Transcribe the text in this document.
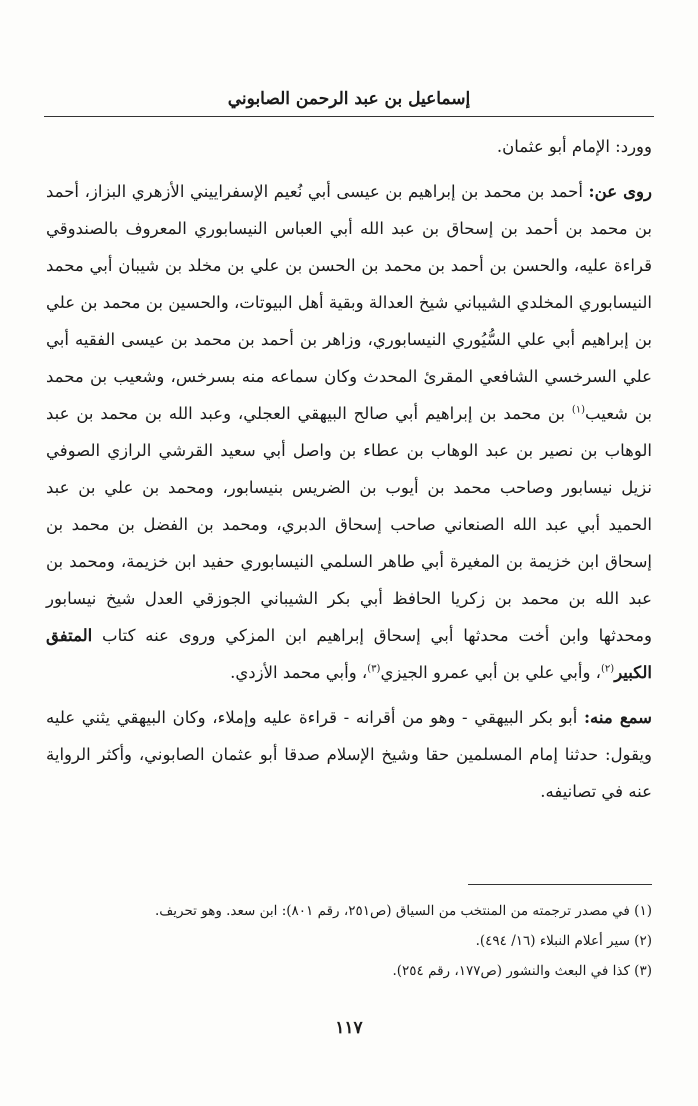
إسماعيل بن عبد الرحمن الصابوني

وورد: الإمام أبو عثمان.

روى عن: أحمد بن محمد بن إبراهيم بن عيسى أبي نُعيم الإسفراييني الأزهري البزاز، أحمد بن محمد بن أحمد بن إسحاق بن عبد الله أبي العباس النيسابوري المعروف بالصندوقي قراءة عليه، والحسن بن أحمد بن محمد بن الحسن بن علي بن مخلد بن شيبان أبي محمد النيسابوري المخلدي الشيباني شيخ العدالة وبقية أهل البيوتات، والحسين بن محمد بن علي بن إبراهيم أبي علي السُّيُوري النيسابوري، وزاهر بن أحمد بن محمد بن عيسى الفقيه أبي علي السرخسي الشافعي المقرئ المحدث وكان سماعه منه بسرخس، وشعيب بن محمد بن شعيب$^{(١)}$ بن محمد بن إبراهيم أبي صالح البيهقي العجلي، وعبد الله بن محمد بن عبد الوهاب بن نصير بن عبد الوهاب بن عطاء بن واصل أبي سعيد القرشي الرازي الصوفي نزيل نيسابور وصاحب محمد بن أيوب بن الضريس بنيسابور، ومحمد بن علي بن عبد الحميد أبي عبد الله الصنعاني صاحب إسحاق الدبري، ومحمد بن الفضل بن محمد بن إسحاق ابن خزيمة بن المغيرة أبي طاهر السلمي النيسابوري حفيد ابن خزيمة، ومحمد بن عبد الله بن محمد بن زكريا الحافظ أبي بكر الشيباني الجوزقي العدل شيخ نيسابور ومحدثها وابن أخت محدثها أبي إسحاق إبراهيم ابن المزكي وروى عنه كتاب المتفق الكبير$^{(٢)}$، وأبي علي بن أبي عمرو الجيزي$^{(٣)}$، وأبي محمد الأزدي.

سمع منه: أبو بكر البيهقي - وهو من أقرانه - قراءة عليه وإملاء، وكان البيهقي يثني عليه ويقول: حدثنا إمام المسلمين حقا وشيخ الإسلام صدقا أبو عثمان الصابوني، وأكثر الرواية عنه في تصانيفه.

(١) في مصدر ترجمته من المنتخب من السياق (ص٢٥١، رقم ٨٠١): ابن سعد. وهو تحريف.
(٢) سير أعلام النبلاء (١٦/ ٤٩٤).
(٣) كذا في البعث والنشور (ص١٧٧، رقم ٢٥٤).
١١٧
